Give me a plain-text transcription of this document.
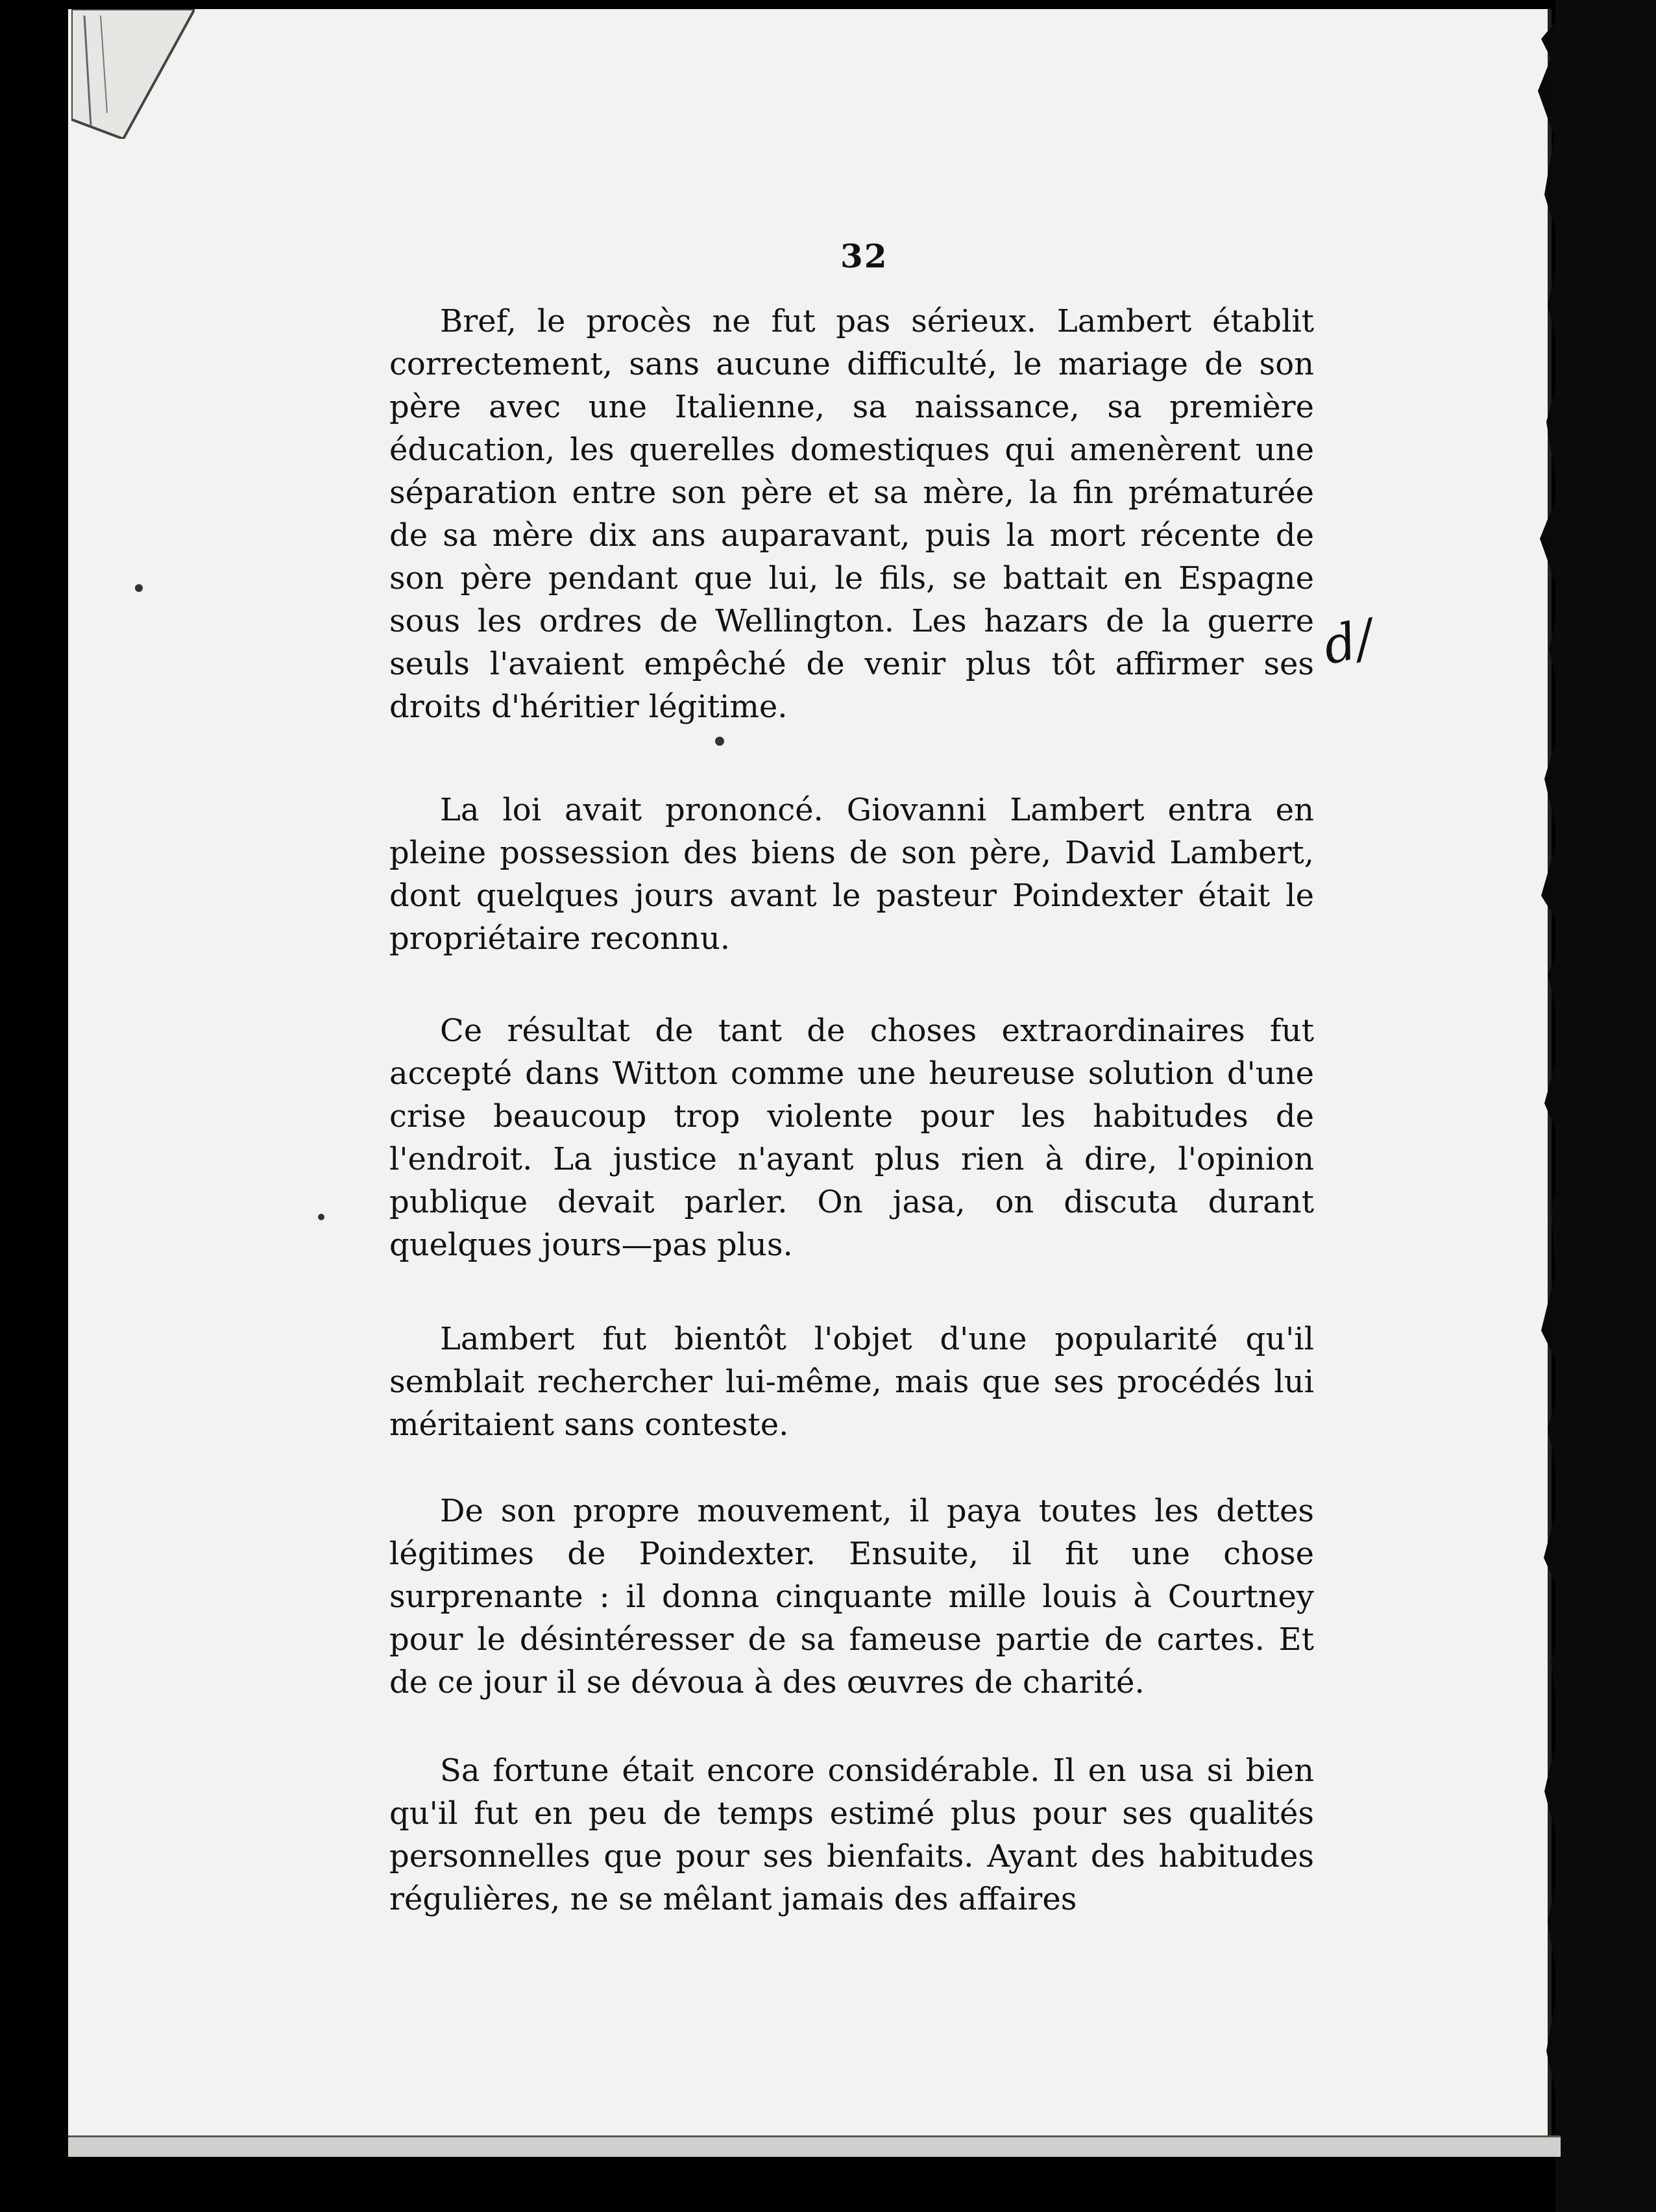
32

Bref, le procès ne fut pas sérieux. Lambert établit correctement, sans aucune difficulté, le mariage de son père avec une Italienne, sa naissance, sa première éducation, les querelles domestiques qui amenèrent une séparation entre son père et sa mère, la fin prématurée de sa mère dix ans auparavant, puis la mort récente de son père pendant que lui, le fils, se battait en Espagne sous les ordres de Wellington. Les hazars de la guerre seuls l'avaient empêché de venir plus tôt affirmer ses droits d'héritier légitime.

La loi avait prononcé. Giovanni Lambert entra en pleine possession des biens de son père, David Lambert, dont quelques jours avant le pasteur Poindexter était le propriétaire reconnu.

Ce résultat de tant de choses extraordinaires fut accepté dans Witton comme une heureuse solution d'une crise beaucoup trop violente pour les habitudes de l'endroit. La justice n'ayant plus rien à dire, l'opinion publique devait parler. On jasa, on discuta durant quelques jours—pas plus.

Lambert fut bientôt l'objet d'une popularité qu'il semblait rechercher lui-même, mais que ses procédés lui méritaient sans conteste.

De son propre mouvement, il paya toutes les dettes légitimes de Poindexter. Ensuite, il fit une chose surprenante : il donna cinquante mille louis à Courtney pour le désintéresser de sa fameuse partie de cartes. Et de ce jour il se dévoua à des œuvres de charité.

Sa fortune était encore considérable. Il en usa si bien qu'il fut en peu de temps estimé plus pour ses qualités personnelles que pour ses bienfaits. Ayant des habitudes régulières, ne se mêlant jamais des affaires

d/
